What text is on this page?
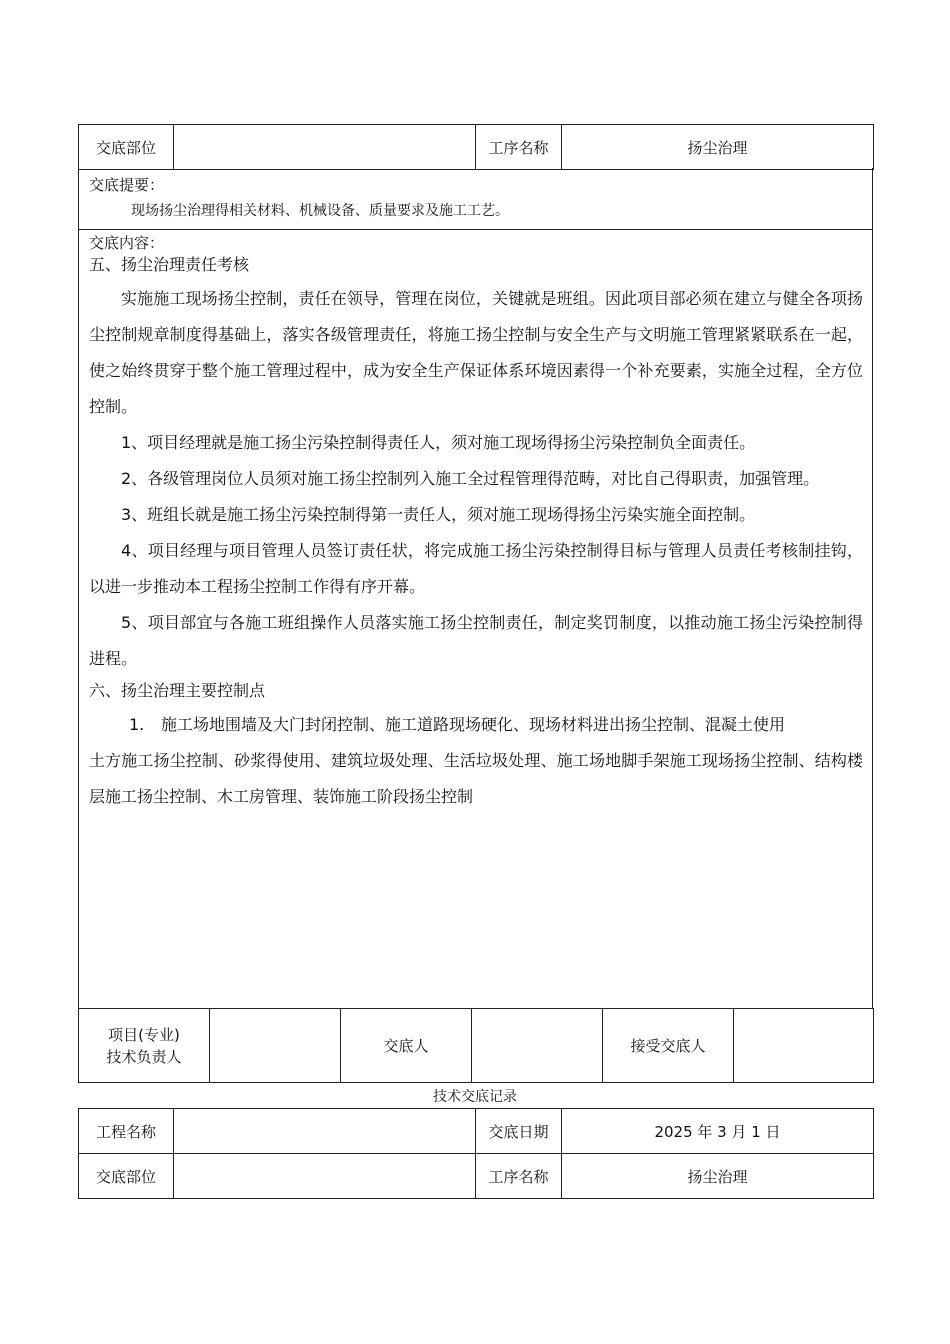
交底部位		工序名称	扬尘治理
交底提要：
现场扬尘治理得相关材料、机械设备、质量要求及施工工艺。
交底内容：
五、扬尘治理责任考核
实施施工现场扬尘控制，责任在领导，管理在岗位，关键就是班组。因此项目部必须在建立与健全各项扬尘控制规章制度得基础上，落实各级管理责任，将施工扬尘控制与安全生产与文明施工管理紧紧联系在一起，使之始终贯穿于整个施工管理过程中，成为安全生产保证体系环境因素得一个补充要素，实施全过程，全方位控制。
1、项目经理就是施工扬尘污染控制得责任人，须对施工现场得扬尘污染控制负全面责任。
2、各级管理岗位人员须对施工扬尘控制列入施工全过程管理得范畴，对比自己得职责，加强管理。
3、班组长就是施工扬尘污染控制得第一责任人，须对施工现场得扬尘污染实施全面控制。
4、项目经理与项目管理人员签订责任状，将完成施工扬尘污染控制得目标与管理人员责任考核制挂钩，以进一步推动本工程扬尘控制工作得有序开幕。
5、项目部宜与各施工班组操作人员落实施工扬尘控制责任，制定奖罚制度，以推动施工扬尘污染控制得进程。
六、扬尘治理主要控制点
1. 施工场地围墙及大门封闭控制、施工道路现场硬化、现场材料进出扬尘控制、混凝土使用
土方施工扬尘控制、砂浆得使用、建筑垃圾处理、生活垃圾处理、施工场地脚手架施工现场扬尘控制、结构楼层施工扬尘控制、木工房管理、装饰施工阶段扬尘控制
项目(专业)
技术负责人
		交底人		接受交底人	
技术交底记录
工程名称		交底日期	2025 年 3 月 1 日
交底部位		工序名称	扬尘治理
